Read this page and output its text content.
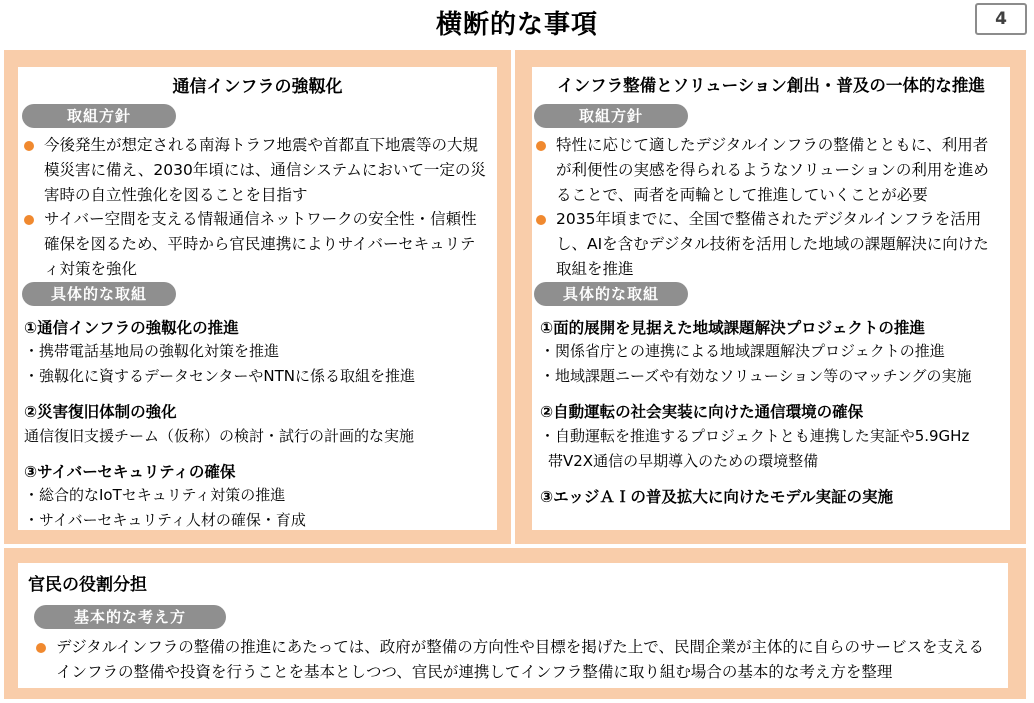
横断的な事項	4
通信インフラの強靱化
取組方針
今後発生が想定される南海トラフ地震や首都直下地震等の大規模災害に備え、2030年頃には、通信システムにおいて一定の災害時の自立性強化を図ることを目指す
サイバー空間を支える情報通信ネットワークの安全性・信頼性確保を図るため、平時から官民連携によりサイバーセキュリティ対策を強化
具体的な取組
①通信インフラの強靱化の推進
・携帯電話基地局の強靱化対策を推進
・強靱化に資するデータセンターやNTNに係る取組を推進
②災害復旧体制の強化
通信復旧支援チーム（仮称）の検討・試行の計画的な実施
③サイバーセキュリティの確保
・総合的なIoTセキュリティ対策の推進
・サイバーセキュリティ人材の確保・育成
インフラ整備とソリューション創出・普及の一体的な推進
取組方針
特性に応じて適したデジタルインフラの整備とともに、利用者が利便性の実感を得られるようなソリューションの利用を進めることで、両者を両輪として推進していくことが必要
2035年頃までに、全国で整備されたデジタルインフラを活用し、AIを含むデジタル技術を活用した地域の課題解決に向けた取組を推進
具体的な取組
①面的展開を見据えた地域課題解決プロジェクトの推進
・関係省庁との連携による地域課題解決プロジェクトの推進
・地域課題ニーズや有効なソリューション等のマッチングの実施
②自動運転の社会実装に向けた通信環境の確保
・自動運転を推進するプロジェクトとも連携した実証や5.9GHz
帯V2X通信の早期導入のための環境整備
③エッジＡＩの普及拡大に向けたモデル実証の実施
官民の役割分担
基本的な考え方
デジタルインフラの整備の推進にあたっては、政府が整備の方向性や目標を掲げた上で、民間企業が主体的に自らのサービスを支えるインフラの整備や投資を行うことを基本としつつ、官民が連携してインフラ整備に取り組む場合の基本的な考え方を整理
